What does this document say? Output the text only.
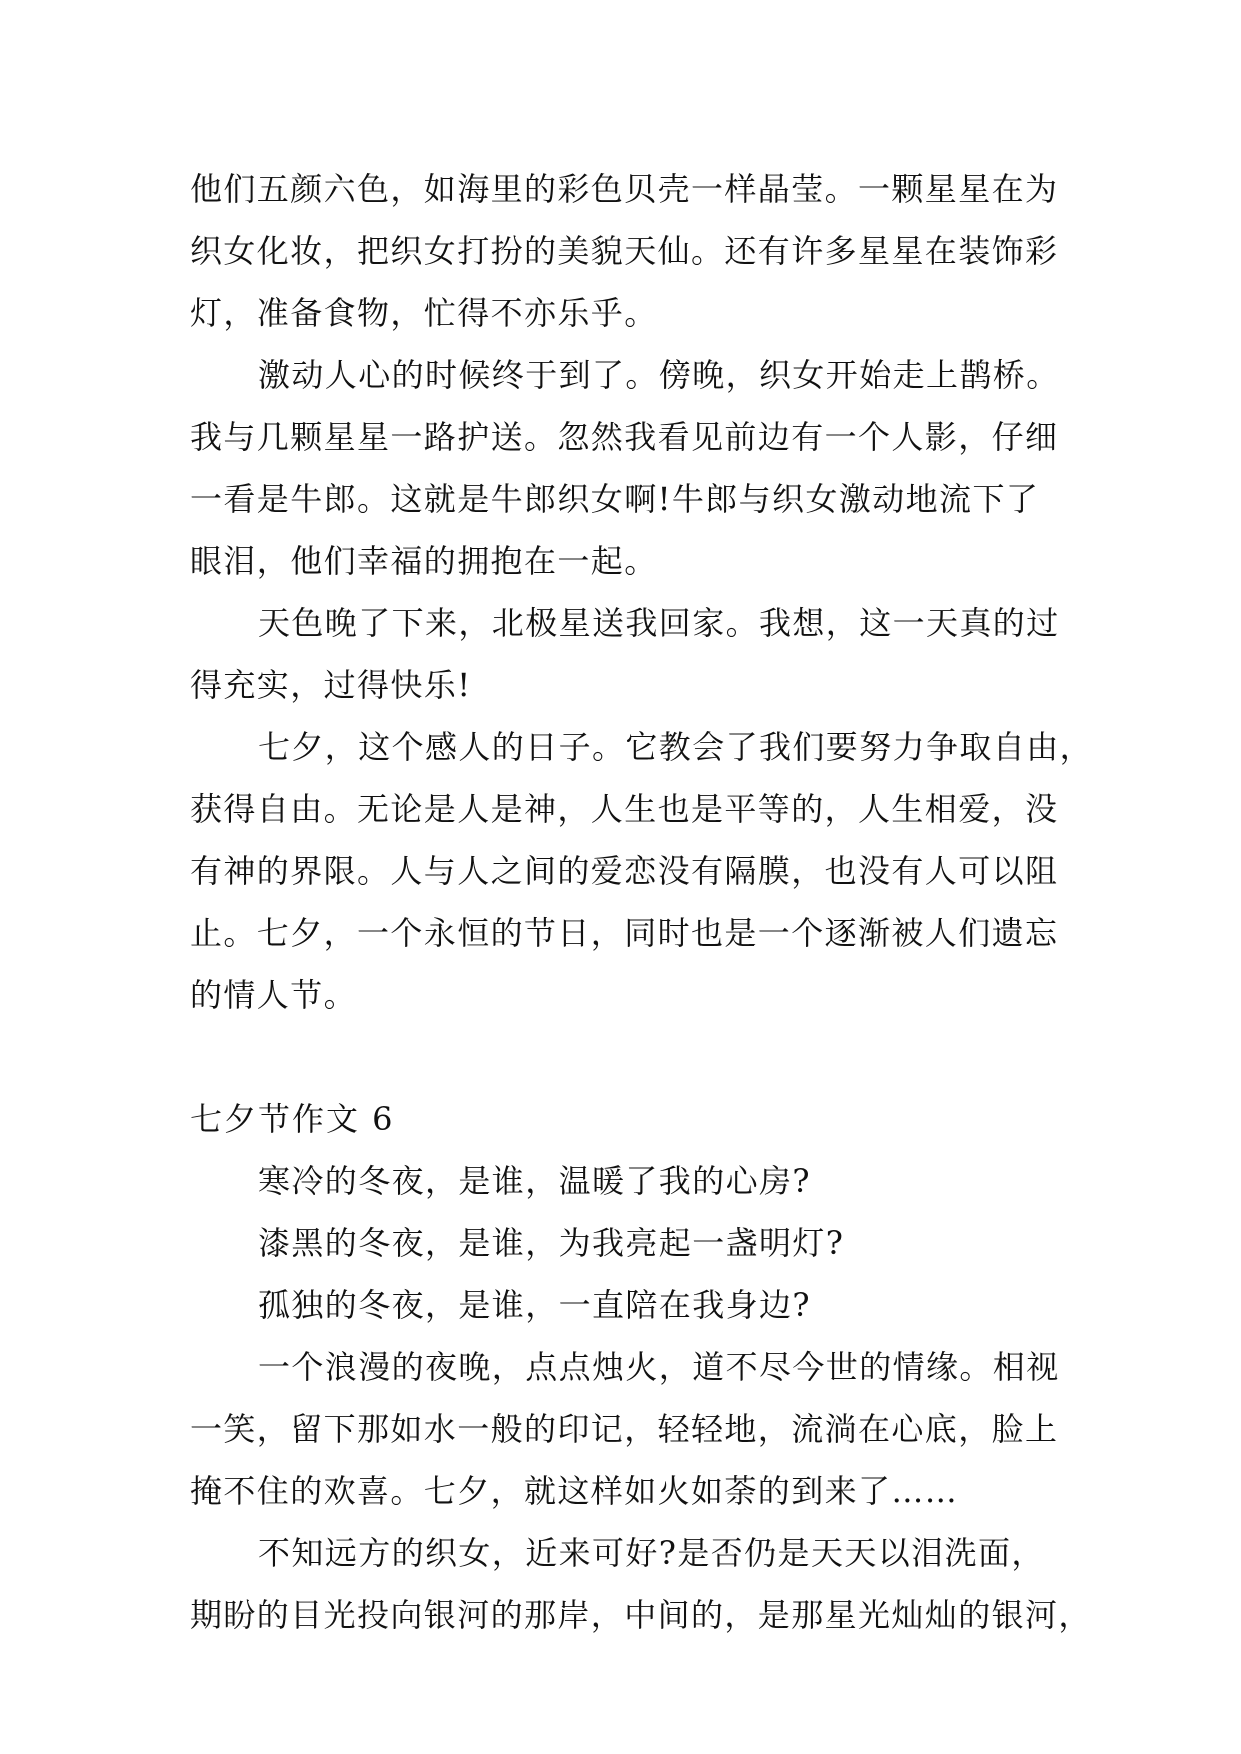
他们五颜六色，如海里的彩色贝壳一样晶莹。一颗星星在为
织女化妆，把织女打扮的美貌天仙。还有许多星星在装饰彩
灯，准备食物，忙得不亦乐乎。
激动人心的时候终于到了。傍晚，织女开始走上鹊桥。
我与几颗星星一路护送。忽然我看见前边有一个人影，仔细
一看是牛郎。这就是牛郎织女啊!牛郎与织女激动地流下了
眼泪，他们幸福的拥抱在一起。
天色晚了下来，北极星送我回家。我想，这一天真的过
得充实，过得快乐!
七夕，这个感人的日子。它教会了我们要努力争取自由，
获得自由。无论是人是神，人生也是平等的，人生相爱，没
有神的界限。人与人之间的爱恋没有隔膜，也没有人可以阻
止。七夕，一个永恒的节日，同时也是一个逐渐被人们遗忘
的情人节。
七夕节作文 6
寒冷的冬夜，是谁，温暖了我的心房?
漆黑的冬夜，是谁，为我亮起一盏明灯?
孤独的冬夜，是谁，一直陪在我身边?
一个浪漫的夜晚，点点烛火，道不尽今世的情缘。相视
一笑，留下那如水一般的印记，轻轻地，流淌在心底，脸上
掩不住的欢喜。七夕，就这样如火如荼的到来了……
不知远方的织女，近来可好?是否仍是天天以泪洗面，
期盼的目光投向银河的那岸，中间的，是那星光灿灿的银河，
